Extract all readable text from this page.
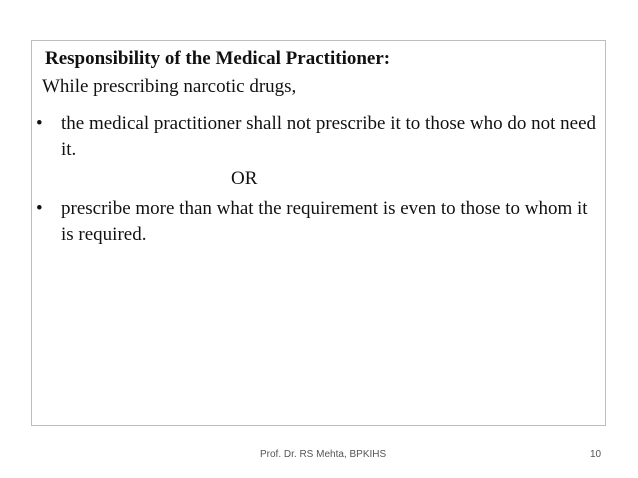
Responsibility of the Medical Practitioner:
While prescribing narcotic drugs,
• the medical practitioner shall not prescribe it to those who do not need it.
OR
• prescribe more than what the requirement is even to those to whom it is required.
Prof. Dr. RS Mehta, BPKIHS	10
